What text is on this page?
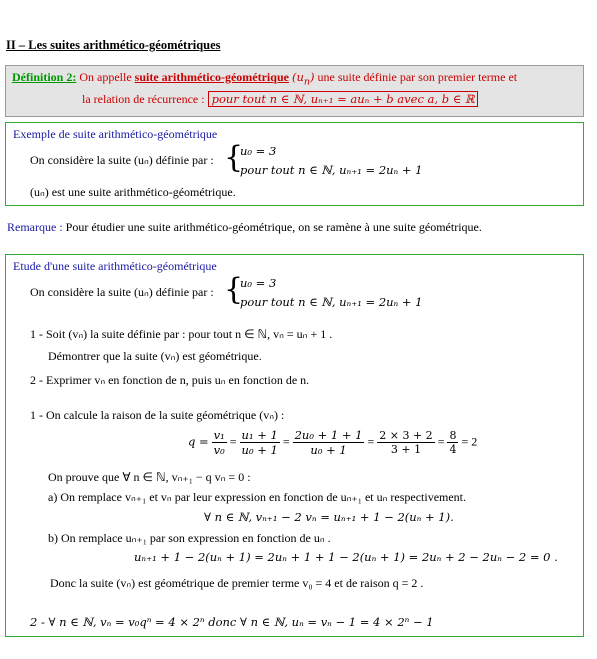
II – Les suites arithmético-géométriques
Définition 2: On appelle suite arithmético-géométrique $(u_n)$ une suite définie par son premier terme et
la relation de récurrence : pour tout n ∈ ℕ, uₙ₊₁ = auₙ + b avec a, b ∈ ℝ
Exemple de suite arithmético-géométrique
On considère la suite (uₙ) définie par : {
u₀ = 3
pour tout n ∈ ℕ, uₙ₊₁ = 2uₙ + 1
(uₙ) est une suite arithmético-géométrique.
Remarque : Pour étudier une suite arithmético-géométrique, on se ramène à une suite géométrique.
Etude d'une suite arithmético-géométrique
On considère la suite (uₙ) définie par : {
u₀ = 3
pour tout n ∈ ℕ, uₙ₊₁ = 2uₙ + 1
1 - Soit (vₙ) la suite définie par : pour tout n ∈ ℕ, vₙ = uₙ + 1 .
Démontrer que la suite (vₙ) est géométrique.
2 - Exprimer vₙ en fonction de n, puis uₙ en fonction de n.
1 - On calcule la raison de la suite géométrique (vₙ) :
$q = \frac{\text{v₁}}{\text{v₀}} = \frac{\text{u₁ + 1}}{\text{u₀ + 1}} = \frac{\text{2u₀ + 1 + 1}}{\text{u₀ + 1}} = \frac{2 \times 3 + 2}{3 + 1} = \frac{8}{4} = 2$
On prouve que ∀ n ∈ ℕ, vₙ₊₁ − q vₙ = 0 :
a) On remplace vₙ₊₁ et vₙ par leur expression en fonction de uₙ₊₁ et uₙ respectivement.
∀ n ∈ ℕ, vₙ₊₁ − 2 vₙ = uₙ₊₁ + 1 − 2(uₙ + 1).
b) On remplace uₙ₊₁ par son expression en fonction de uₙ .
uₙ₊₁ + 1 − 2(uₙ + 1) = 2uₙ + 1 + 1 − 2(uₙ + 1) = 2uₙ + 2 − 2uₙ − 2 = 0 .
Donc la suite (vₙ) est géométrique de premier terme v₀ = 4 et de raison q = 2 .
2 - ∀ n ∈ ℕ, vₙ = v₀qⁿ = 4 × 2ⁿ donc ∀ n ∈ ℕ, uₙ = vₙ − 1 = 4 × 2ⁿ − 1
